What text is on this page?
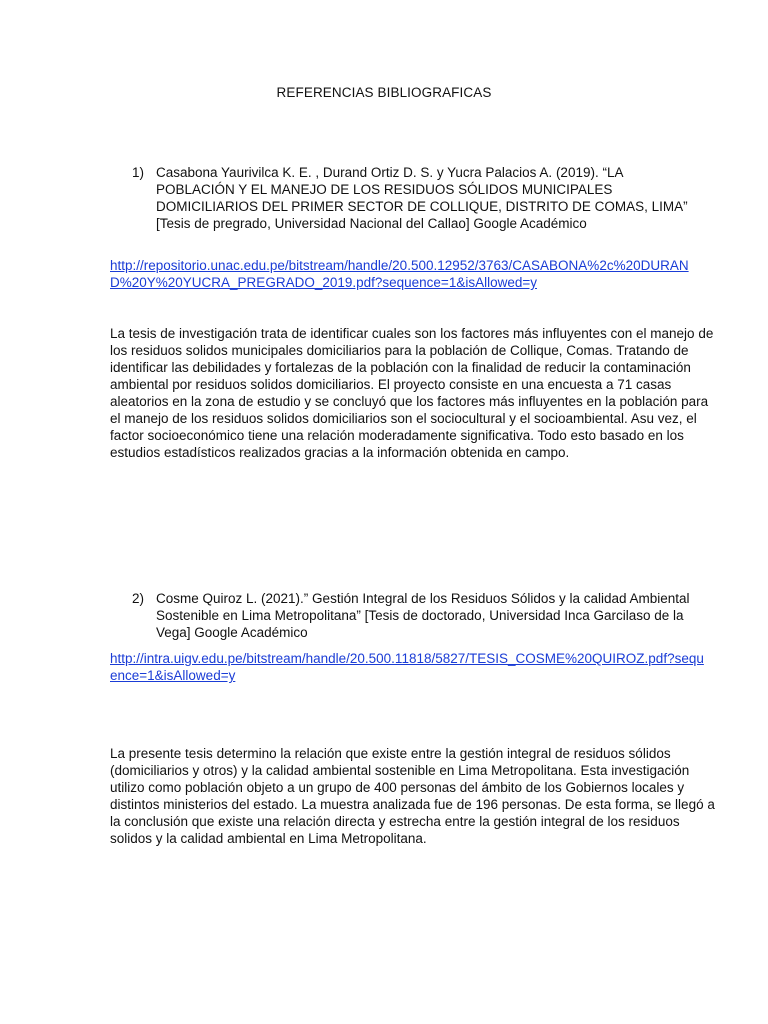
REFERENCIAS BIBLIOGRAFICAS
1) Casabona Yaurivilca K. E. , Durand Ortiz D. S. y Yucra Palacios A. (2019). “LA POBLACIÓN Y EL MANEJO DE LOS RESIDUOS SÓLIDOS MUNICIPALES DOMICILIARIOS DEL PRIMER SECTOR DE COLLIQUE, DISTRITO DE COMAS, LIMA” [Tesis de pregrado, Universidad Nacional del Callao] Google Académico
http://repositorio.unac.edu.pe/bitstream/handle/20.500.12952/3763/CASABONA%2c%20DURAND%20Y%20YUCRA_PREGRADO_2019.pdf?sequence=1&isAllowed=y
La tesis de investigación trata de identificar cuales son los factores más influyentes con el manejo de los residuos solidos municipales domiciliarios para la población de Collique, Comas. Tratando de identificar las debilidades y fortalezas de la población con la finalidad de reducir la contaminación ambiental por residuos solidos domiciliarios. El proyecto consiste en una encuesta a 71 casas aleatorios en la zona de estudio y se concluyó que los factores más influyentes en la población para el manejo de los residuos solidos domiciliarios son el sociocultural y el socioambiental. Asu vez, el factor socioeconómico tiene una relación moderadamente significativa. Todo esto basado en los estudios estadísticos realizados gracias a la información obtenida en campo.
2) Cosme Quiroz L. (2021).” Gestión Integral de los Residuos Sólidos y la calidad Ambiental Sostenible en Lima Metropolitana” [Tesis de doctorado, Universidad Inca Garcilaso de la Vega] Google Académico
http://intra.uigv.edu.pe/bitstream/handle/20.500.11818/5827/TESIS_COSME%20QUIROZ.pdf?sequence=1&isAllowed=y
La presente tesis determino la relación que existe entre la gestión integral de residuos sólidos (domiciliarios y otros) y la calidad ambiental sostenible en Lima Metropolitana. Esta investigación utilizo como población objeto a un grupo de 400 personas del ámbito de los Gobiernos locales y distintos ministerios del estado. La muestra analizada fue de 196 personas. De esta forma, se llegó a la conclusión que existe una relación directa y estrecha entre la gestión integral de los residuos solidos y la calidad ambiental en Lima Metropolitana.
